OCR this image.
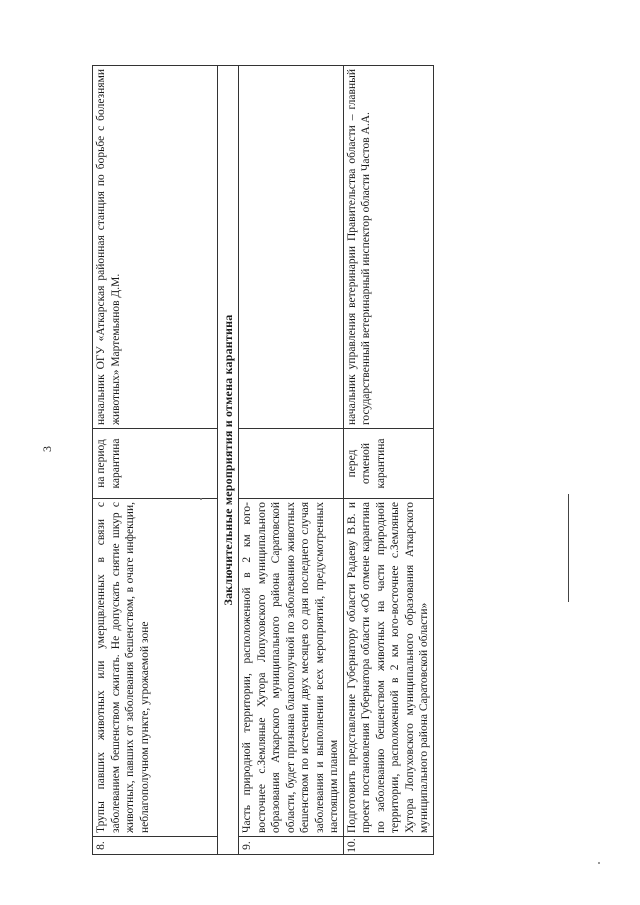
3
8.	Трупы павших животных или умерщвленных в связи с заболеванием бешенством сжигать. Не допускать снятие шкур с животных, павших от заболевания бешенством, в очаге инфекции, неблагополучном пункте, угрожаемой зоне	на период карантина	начальник ОГУ «Аткарская районная станция по борьбе с болезнями животных» Мартемьянов Д.М.
Заключительные мероприятия и отмена карантина			
9.	Часть природной территории, расположенной в 2 км юго-восточнее с.Земляные Хутора Лопуховского муниципального образования Аткарского муниципального района Саратовской области, будет признана благополучной по заболеванию животных бешенством по истечении двух месяцев со дня последнего случая заболевания и выполнении всех мероприятий, предусмотренных настоящим планом		
10.	Подготовить представление Губернатору области Радаеву В.В. и проект постановления Губернатора области «Об отмене карантина по заболеванию бешенством животных на части природной территории, расположенной в 2 км юго-восточнее с.Земляные Хутора Лопуховского муниципального образования Аткарского муниципального района Саратовской области»	перед отменой карантина	начальник управления ветеринарии Правительства области – главный государственный ветеринарный инспектор области Частов А.А.
